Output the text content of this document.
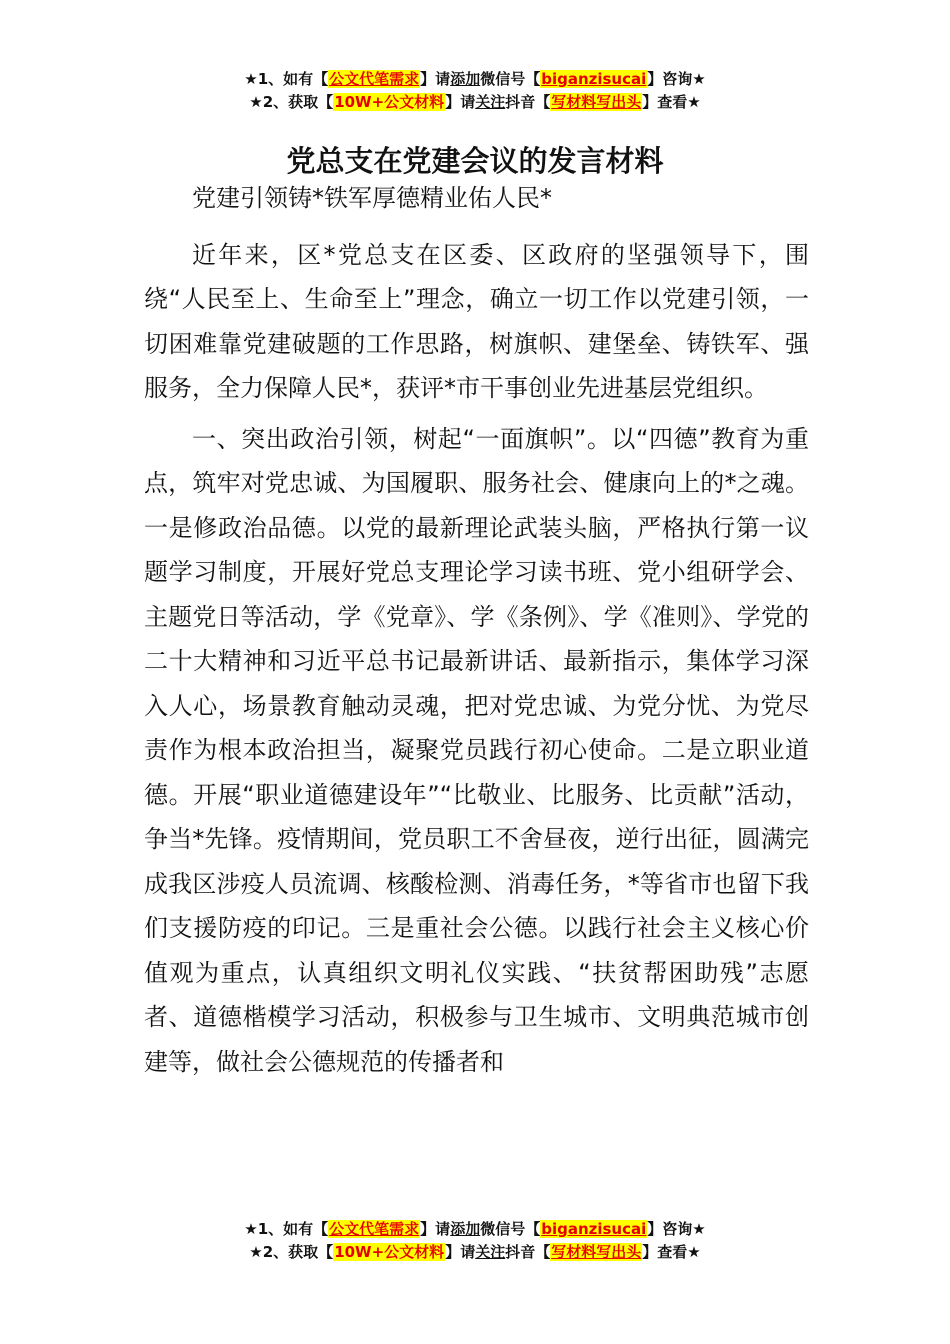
★1、如有【公文代笔需求】请添加微信号【biganzisucai】咨询★
★2、获取【10W+公文材料】请关注抖音【写材料写出头】查看★
党总支在党建会议的发言材料

党建引领铸*铁军厚德精业佑人民*

近年来，区*党总支在区委、区政府的坚强领导下，围绕“人民至上、生命至上”理念，确立一切工作以党建引领，一切困难靠党建破题的工作思路，树旗帜、建堡垒、铸铁军、强服务，全力保障人民*，获评*市干事创业先进基层党组织。

一、突出政治引领，树起“一面旗帜”。以“四德”教育为重点，筑牢对党忠诚、为国履职、服务社会、健康向上的*之魂。一是修政治品德。以党的最新理论武装头脑，严格执行第一议题学习制度，开展好党总支理论学习读书班、党小组研学会、主题党日等活动，学《党章》、学《条例》、学《准则》、学党的二十大精神和习近平总书记最新讲话、最新指示，集体学习深入人心，场景教育触动灵魂，把对党忠诚、为党分忧、为党尽责作为根本政治担当，凝聚党员践行初心使命。二是立职业道德。开展“职业道德建设年”“比敬业、比服务、比贡献”活动，争当*先锋。疫情期间，党员职工不舍昼夜，逆行出征，圆满完成我区涉疫人员流调、核酸检测、消毒任务，*等省市也留下我们支援防疫的印记。三是重社会公德。以践行社会主义核心价值观为重点，认真组织文明礼仪实践、“扶贫帮困助残”志愿者、道德楷模学习活动，积极参与卫生城市、文明典范城市创建等，做社会公德规范的传播者和

★1、如有【公文代笔需求】请添加微信号【biganzisucai】咨询★
★2、获取【10W+公文材料】请关注抖音【写材料写出头】查看★
